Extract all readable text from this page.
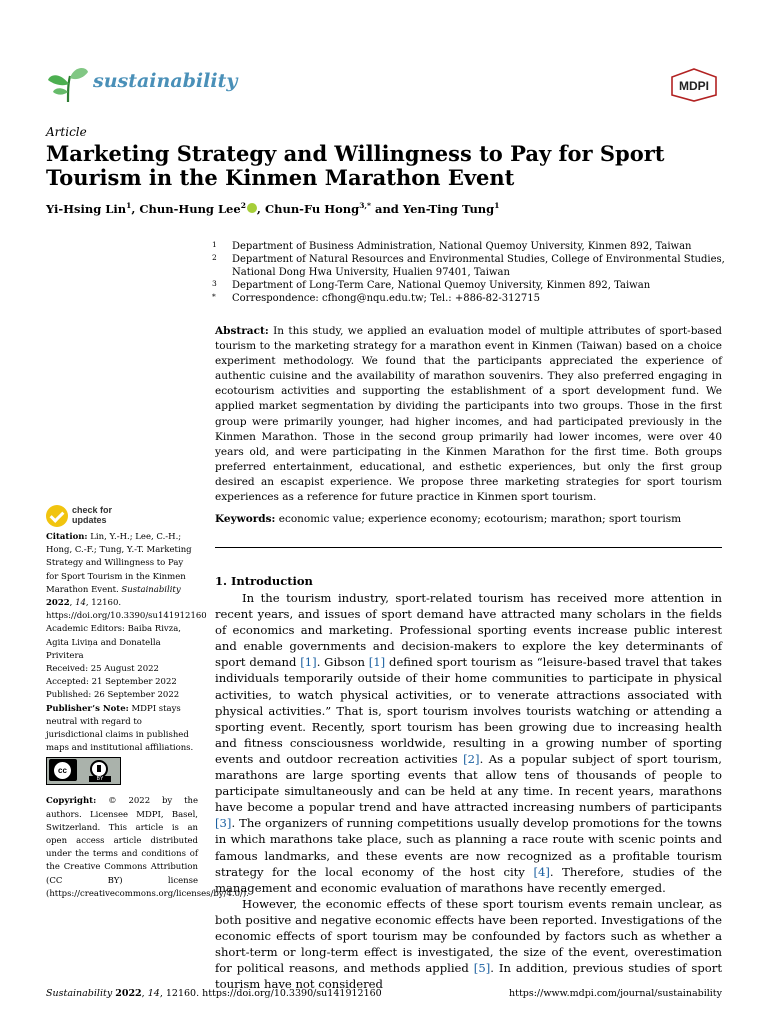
sustainability	MDPI
Article
Marketing Strategy and Willingness to Pay for Sport Tourism in the Kinmen Marathon Event
Yi-Hsing Lin$^1$, Chun-Hung Lee$^2$ , Chun-Fu Hong$^{3,*}$ and Yen-Ting Tung$^1$
1 Department of Business Administration, National Quemoy University, Kinmen 892, Taiwan
2 Department of Natural Resources and Environmental Studies, College of Environmental Studies,
National Dong Hwa University, Hualien 97401, Taiwan
3 Department of Long-Term Care, National Quemoy University, Kinmen 892, Taiwan
* Correspondence: cfhong@nqu.edu.tw; Tel.: +886-82-312715
Abstract: In this study, we applied an evaluation model of multiple attributes of sport-based tourism to the marketing strategy for a marathon event in Kinmen (Taiwan) based on a choice experiment methodology. We found that the participants appreciated the experience of authentic cuisine and the availability of marathon souvenirs. They also preferred engaging in ecotourism activities and supporting the establishment of a sport development fund. We applied market segmentation by dividing the participants into two groups. Those in the first group were primarily younger, had higher incomes, and had participated previously in the Kinmen Marathon. Those in the second group primarily had lower incomes, were over 40 years old, and were participating in the Kinmen Marathon for the first time. Both groups preferred entertainment, educational, and esthetic experiences, but only the first group desired an escapist experience. We propose three marketing strategies for sport tourism experiences as a reference for future practice in Kinmen sport tourism.
Keywords: economic value; experience economy; ecotourism; marathon; sport tourism
check for
updates

Citation: Lin, Y.-H.; Lee, C.-H.; Hong, C.-F.; Tung, Y.-T. Marketing Strategy and Willingness to Pay for Sport Tourism in the Kinmen Marathon Event. Sustainability 2022, 14, 12160. https://doi.org/10.3390/su141912160

Academic Editors: Baiba Rivza, Agita Liviņa and Donatella Privitera

Received: 25 August 2022

Accepted: 21 September 2022

Published: 26 September 2022

Publisher’s Note: MDPI stays neutral with regard to jurisdictional claims in published maps and institutional affiliations.

cc
BY

Copyright: © 2022 by the authors. Licensee MDPI, Basel, Switzerland. This article is an open access article distributed under the terms and conditions of the Creative Commons Attribution (CC BY) license (https://creativecommons.org/licenses/by/4.0/).

1. Introduction

In the tourism industry, sport-related tourism has received more attention in recent years, and issues of sport demand have attracted many scholars in the fields of economics and marketing. Professional sporting events increase public interest and enable governments and decision-makers to explore the key determinants of sport demand [1]. Gibson [1] defined sport tourism as “leisure-based travel that takes individuals temporarily outside of their home communities to participate in physical activities, to watch physical activities, or to venerate attractions associated with physical activities.” That is, sport tourism involves tourists watching or attending a sporting event. Recently, sport tourism has been growing due to increasing health and fitness consciousness worldwide, resulting in a growing number of sporting events and outdoor recreation activities [2]. As a popular subject of sport tourism, marathons are large sporting events that allow tens of thousands of people to participate simultaneously and can be held at any time. In recent years, marathons have become a popular trend and have attracted increasing numbers of participants [3]. The organizers of running competitions usually develop promotions for the towns in which marathons take place, such as planning a race route with scenic points and famous landmarks, and these events are now recognized as a profitable tourism strategy for the local economy of the host city [4]. Therefore, studies of the management and economic evaluation of marathons have recently emerged.

However, the economic effects of these sport tourism events remain unclear, as both positive and negative economic effects have been reported. Investigations of the economic effects of sport tourism may be confounded by factors such as whether a short-term or long-term effect is investigated, the size of the event, overestimation for political reasons, and methods applied [5]. In addition, previous studies of sport tourism have not considered

Sustainability 2022, 14, 12160. https://doi.org/10.3390/su141912160	https://www.mdpi.com/journal/sustainability
